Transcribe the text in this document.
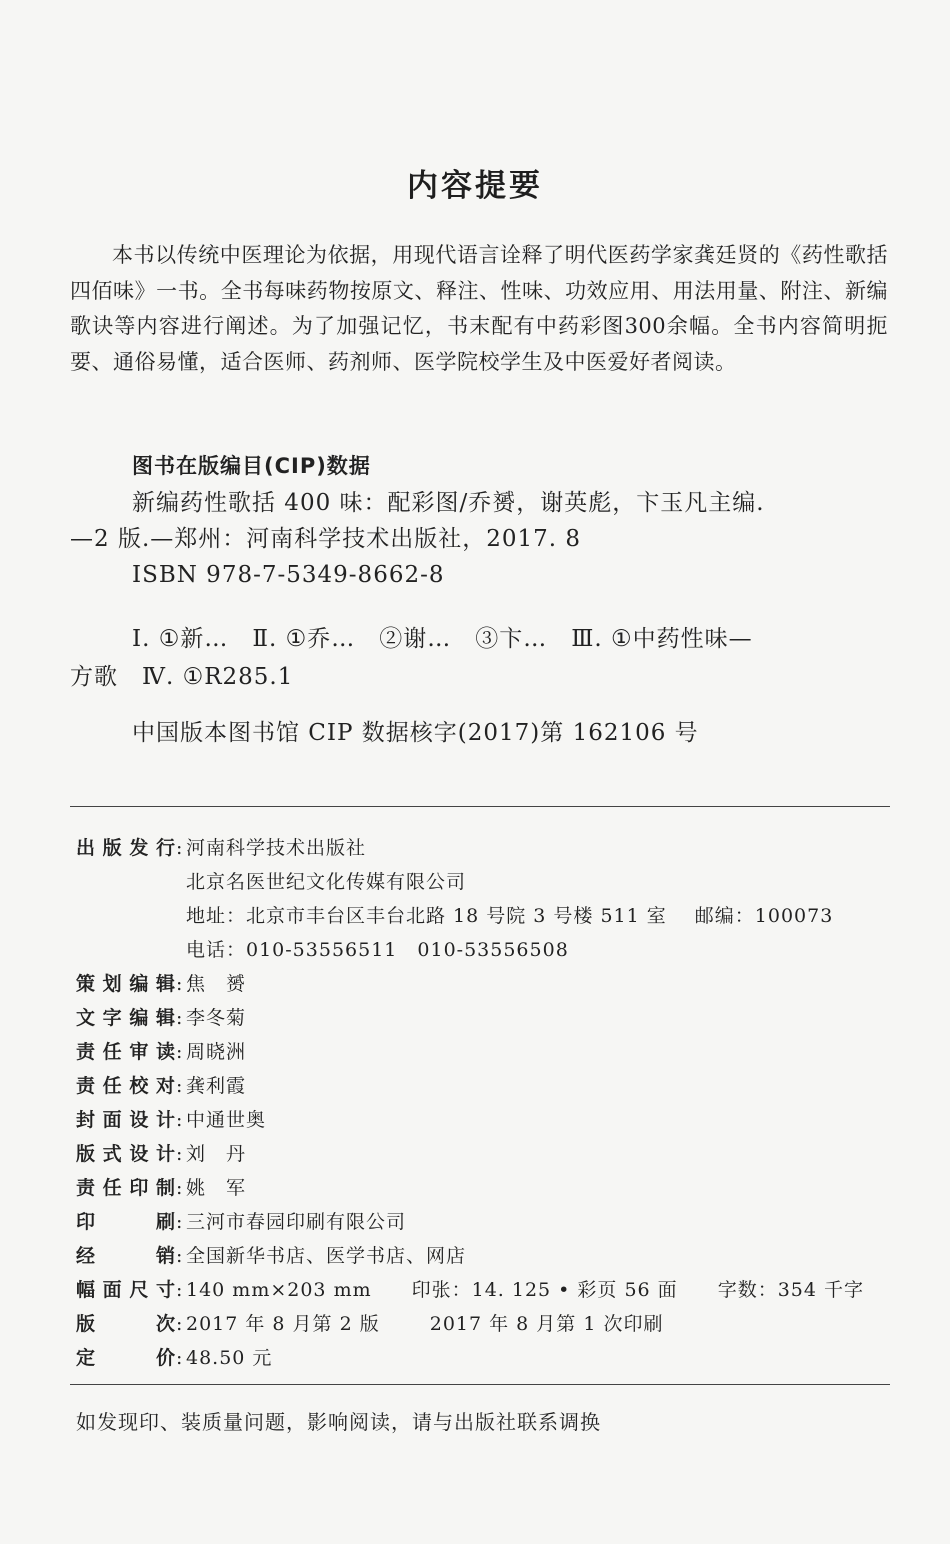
内容提要

本书以传统中医理论为依据，用现代语言诠释了明代医药学家龚廷贤的《药性歌括四佰味》一书。全书每味药物按原文、释注、性味、功效应用、用法用量、附注、新编歌诀等内容进行阐述。为了加强记忆，书末配有中药彩图300余幅。全书内容简明扼要、通俗易懂，适合医师、药剂师、医学院校学生及中医爱好者阅读。

图书在版编目(CIP)数据
新编药性歌括 400 味：配彩图/乔赟，谢英彪，卞玉凡主编.
—2 版.—郑州：河南科学技术出版社，2017. 8
ISBN 978-7-5349-8662-8
Ⅰ. ①新…　Ⅱ. ①乔…　②谢…　③卞…　Ⅲ. ①中药性味—
方歌　Ⅳ. ①R285.1
中国版本图书馆 CIP 数据核字(2017)第 162106 号
出版发行: 河南科学技术出版社
北京名医世纪文化传媒有限公司
地址：北京市丰台区丰台北路 18 号院 3 号楼 511 室 邮编：100073
电话：010-53556511　010-53556508
策划编辑: 焦　赟
文字编辑: 李冬菊
责任审读: 周晓洲
责任校对: 龚利霞
封面设计: 中通世奥
版式设计: 刘　丹
责任印制: 姚　军
印刷: 三河市春园印刷有限公司
经销: 全国新华书店、医学书店、网店
幅面尺寸: 140 mm×203 mm 印张：14. 125 • 彩页 56 面 字数：354 千字
版次: 2017 年 8 月第 2 版	2017 年 8 月第 1 次印刷
定价: 48.50 元
如发现印、装质量问题，影响阅读，请与出版社联系调换
